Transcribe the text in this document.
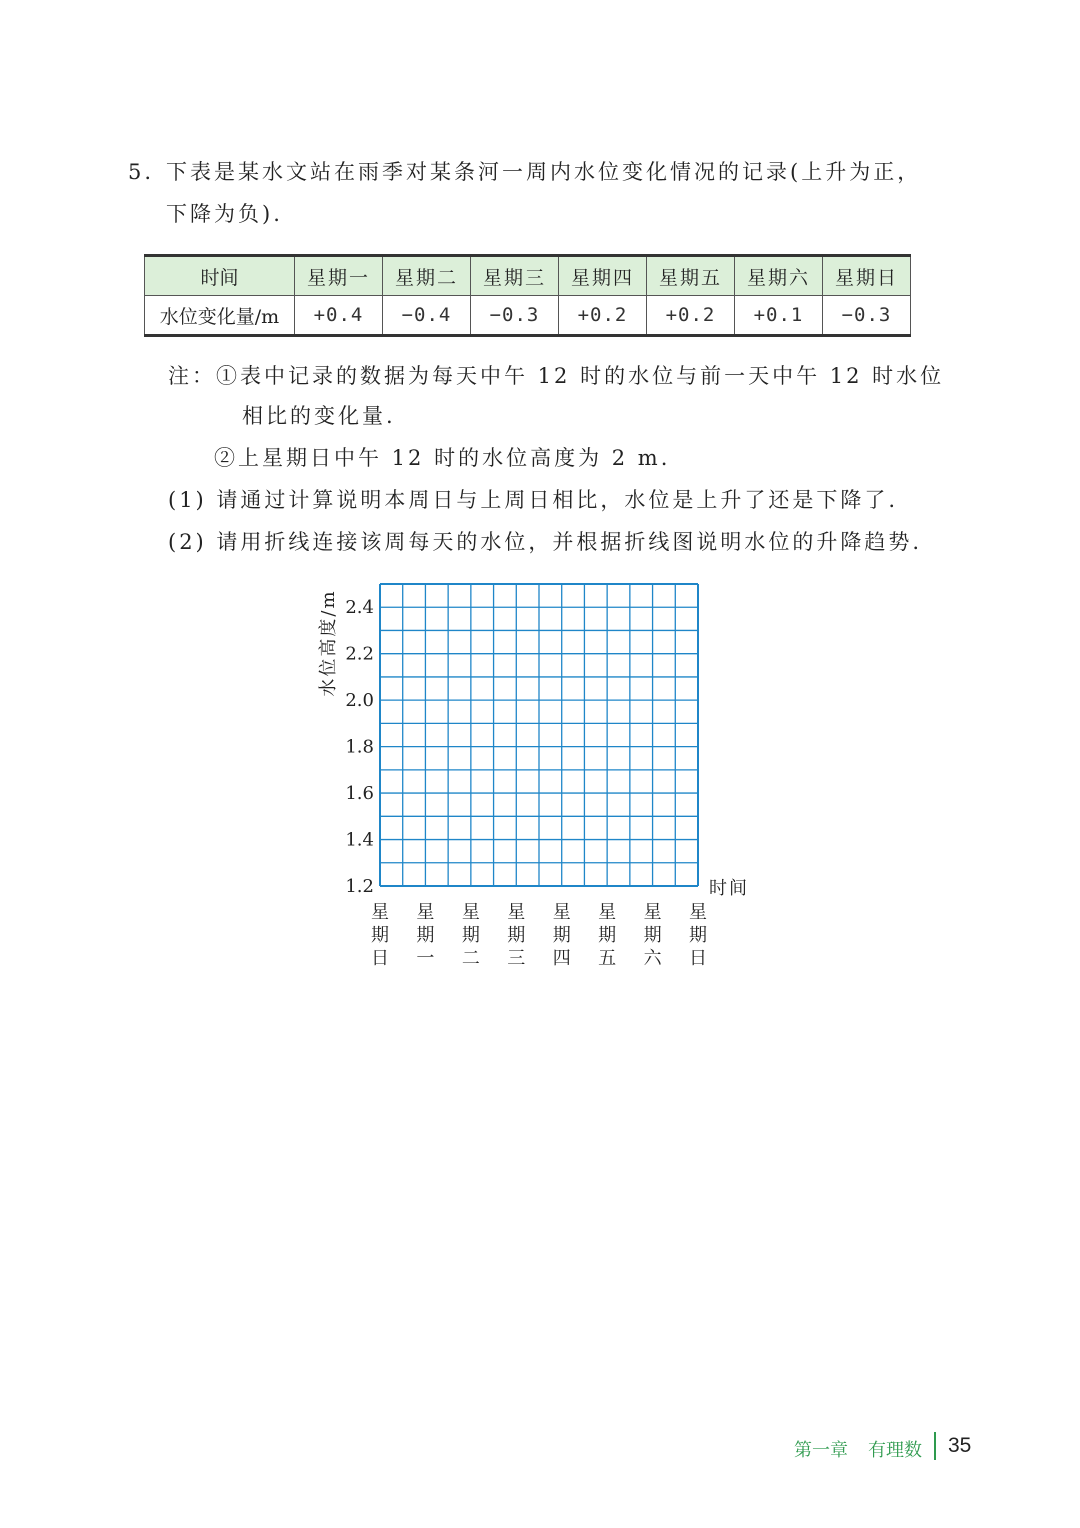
5. 下表是某水文站在雨季对某条河一周内水位变化情况的记录(上升为正，
下降为负).
时间	星期一	星期二	星期三	星期四	星期五	星期六	星期日
水位变化量/m	+0.4	−0.4	−0.3	+0.2	+0.2	+0.1	−0.3
注：①表中记录的数据为每天中午 12 时的水位与前一天中午 12 时水位
相比的变化量.
②上星期日中午 12 时的水位高度为 2 m.
(1) 请通过计算说明本周日与上周日相比，水位是上升了还是下降了.
(2) 请用折线连接该周每天的水位，并根据折线图说明水位的升降趋势.
1.2
1.4
1.6
1.8
2.0
2.2
2.4
星
期
日
星
期
一
星
期
二
星
期
三
星
期
四
星
期
五
星
期
六
星
期
日
水位高度/m
时间
第一章 有理数 35
